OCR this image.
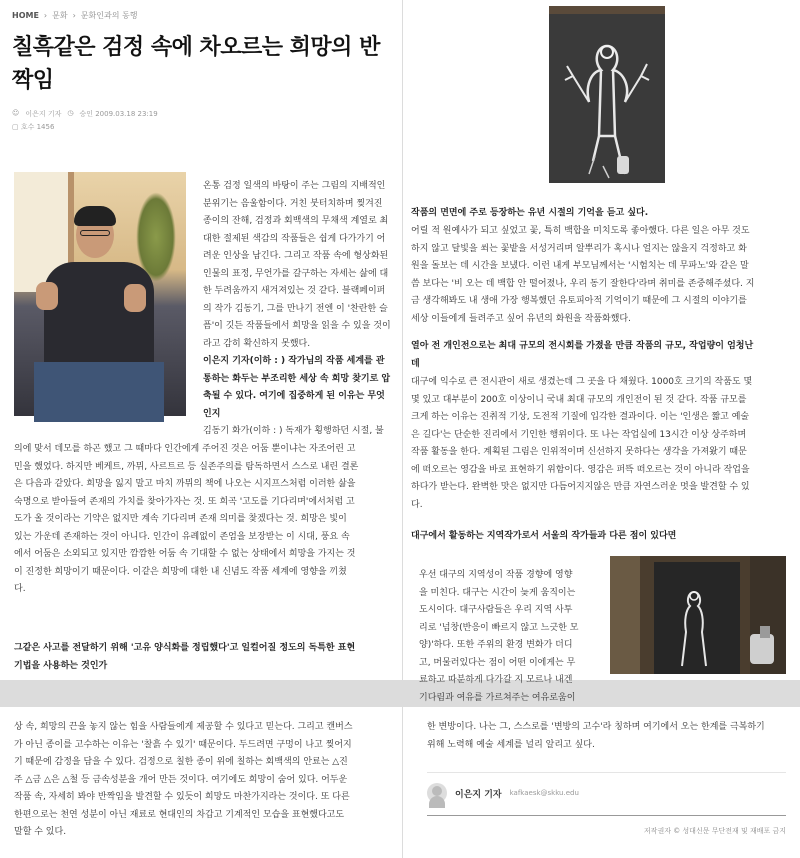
HOME › 문화 › 문화인과의 동행
칠흑같은 검정 속에 차오르는 희망의 반
짝임
☺ 이은지 기자 ◷ 승인 2009.03.18 23:19
▢ 호수 1456
온통 검정 일색의 바탕이 주는 그림의 지배적인
분위기는 음울함이다. 거친 붓터치하며 찢겨진
종이의 잔해, 검정과 회백색의 무채색 계열로 최
대한 절제된 색감의 작품들은 쉽게 다가가기 어
려운 인상을 남긴다. 그리고 작품 속에 형상화된
인물의 표정, 무언가를 갈구하는 자세는 삶에 대
한 두려움까지 새겨져있는 것 같다. 블랙페이퍼
의 작가 김동기, 그를 만나기 전엔 이 '찬란한 슬
픔'이 깃든 작품들에서 희망을 읽을 수 있을 것이
라고 감히 확신하지 못했다.
이은지 기자(이하 : ) 작가님의 작품 세계를 관
통하는 화두는 부조리한 세상 속 희망 찾기로 압
축될 수 있다. 여기에 집중하게 된 이유는 무엇
인지
김동기 화가(이하 : ) 독재가 횡행하던 시절, 불
의에 맞서 데모를 하곤 했고 그 때마다 인간에게 주어진 것은 어둠 뿐이냐는 자조어린 고
민을 했었다. 하지만 베케트, 까뮈, 사르트르 등 실존주의를 탐독하면서 스스로 내린 결론
은 다음과 같았다. 희망을 잃지 말고 마치 까뮈의 책에 나오는 시지프스처럼 이러한 삶을
숙명으로 받아들여 존재의 가치를 찾아가자는 것. 또 희곡 '고도를 기다리며'에서처럼 고
도가 올 것이라는 기약은 없지만 계속 기다리며 존재 의미를 찾겠다는 것. 희망은 빛이
있는 가운데 존재하는 것이 아니다. 인간이 유례없이 존엄을 보장받는 이 시대, 풍요 속
에서 어둠은 소외되고 있지만 깜깜한 어둠 속 기대할 수 없는 상태에서 희망을 가지는 것
이 진정한 희망이기 때문이다. 이같은 희망에 대한 내 신념도 작품 세계에 영향을 끼쳤
다.
그같은 사고를 전달하기 위해 '고유 양식화를 정립했다'고 일컬어질 정도의 독특한 표현
기법을 사용하는 것인가
작품의 면면에 주로 등장하는 유년 시절의 기억을 듣고 싶다.
어릴 적 원예사가 되고 싶었고 꽃, 특히 백합을 미치도록 좋아했다. 다른 일은 아무 것도
하지 않고 달빛을 쐬는 꽃밭을 서성거리며 알뿌리가 혹시나 얼지는 않을지 걱정하고 화
원을 돌보는 데 시간을 보냈다. 이런 내게 부모님께서는 '시험치는 데 무파노'와 같은 말
씀 보다는 '비 오는 데 백합 안 떨어졌나, 우리 동기 잘한다'라며 취미를 존중해주셨다. 지
금 생각해봐도 내 생애 가장 행복했던 유토피아적 기억이기 때문에 그 시절의 이야기를
세상 이들에게 들려주고 싶어 유년의 화원을 작품화했다.
열아 전 개인전으로는 최대 규모의 전시회를 가졌을 만큼 작품의 규모, 작업량이 엄청난
데
대구에 익수로 큰 전시관이 새로 생겼는데 그 곳을 다 채웠다. 1000호 크기의 작품도 몇
몇 있고 대부분이 200호 이상이니 국내 최대 규모의 개인전이 된 것 같다. 작품 규모를
크게 하는 이유는 진취적 기상, 도전적 기질에 입각한 결과이다. 이는 '인생은 짧고 예술
은 길다'는 단순한 진리에서 기인한 행위이다. 또 나는 작업실에 13시간 이상 상주하며
작품 활동을 한다. 계획된 그림은 인위적이며 신선하지 못하다는 생각을 가져왔기 때문
에 떠오르는 영감을 바로 표현하기 위함이다. 영감은 퍼뜩 떠오르는 것이 아니라 작업을
하다가 받는다. 완벽한 맛은 없지만 다듬어지지않은 만큼 자연스러운 멋을 발견할 수 있
다.
대구에서 활동하는 지역작가로서 서울의 작가들과 다른 점이 있다면
우선 대구의 지역성이 작품 경향에 영향
을 미친다. 대구는 시간이 늦게 움직이는
도시이다. 대구사람들은 우리 지역 사투
리로 '넘창(반응이 빠르지 않고 느긋한 모
양)'하다. 또한 주위의 환경 변화가 더디
고, 머물러있다는 점이 어떤 이에게는 무
료하고 따분하게 다가갈 지 모르나 내겐
기다림과 여유를 가르쳐주는 여유로움이
상 속, 희망의 끈을 놓지 않는 힘을 사람들에게 제공할 수 있다고 믿는다. 그리고 캔버스
가 아닌 종이를 고수하는 이유는 '찰흙 수 있기' 때문이다. 두드려면 구멍이 나고 찢어지
기 때문에 감정을 담을 수 있다. 검정으로 칠한 종이 위에 칠하는 회백색의 안료는 △진
주 △금 △은 △철 등 금속성분을 개어 만든 것이다. 여기에도 희망이 숨어 있다. 어두운
작품 속, 자세히 봐야 반짝임을 발견할 수 있듯이 희망도 마찬가지라는 것이다. 또 다른
한편으로는 천연 성분이 아닌 재료로 현대인의 차갑고 기계적인 모습을 표현했다고도
말할 수 있다.
한 변방이다. 나는 그, 스스로를 '변방의 고수'라 칭하며 여기에서 오는 한계를 극복하기
위해 노력해 예술 세계를 널리 알리고 싶다.
이은지 기자 kafkaesk@skku.edu
저작권자 © 성대신문 무단전재 및 재배포 금지
